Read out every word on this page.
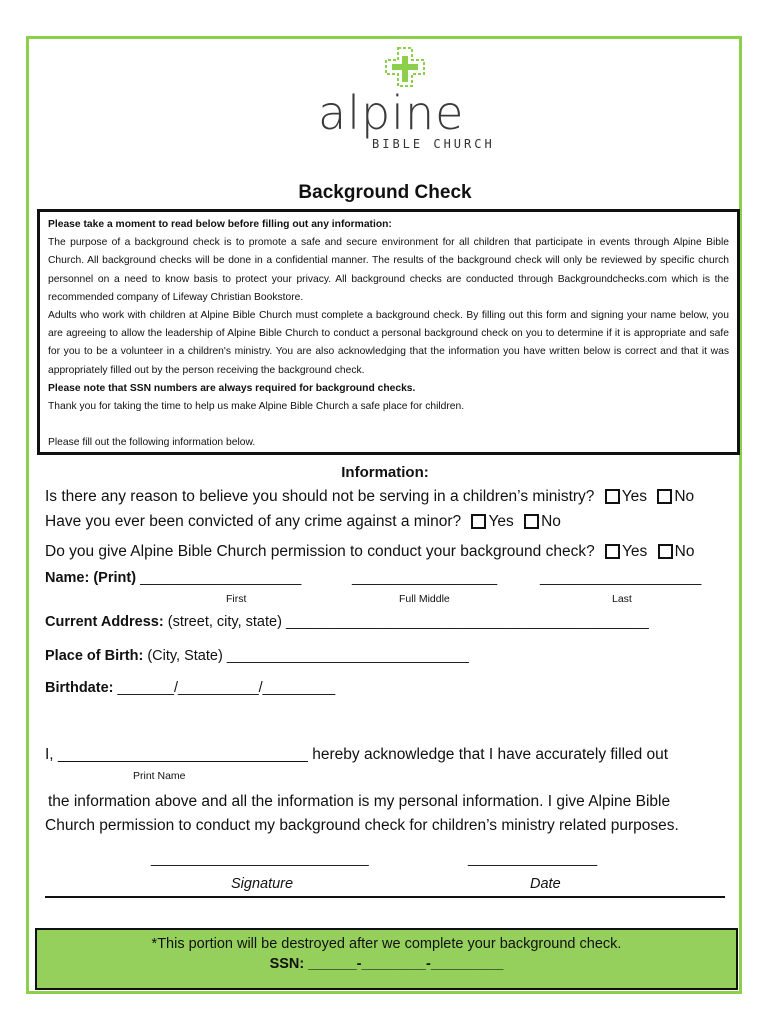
alpine
BIBLE CHURCH
Background Check

Please take a moment to read below before filling out any information:

The purpose of a background check is to promote a safe and secure environment for all children that participate in events through Alpine Bible Church. All background checks will be done in a confidential manner. The results of the background check will only be reviewed by specific church personnel on a need to know basis to protect your privacy. All background checks are conducted through Backgroundchecks.com which is the recommended company of Lifeway Christian Bookstore.

Adults who work with children at Alpine Bible Church must complete a background check. By filling out this form and signing your name below, you are agreeing to allow the leadership of Alpine Bible Church to conduct a personal background check on you to determine if it is appropriate and safe for you to be a volunteer in a children's ministry. You are also acknowledging that the information you have written below is correct and that it was appropriately filled out by the person receiving the background check.

Please note that SSN numbers are always required for background checks.

Thank you for taking the time to help us make Alpine Bible Church a safe place for children.

Please fill out the following information below.

Information:
Is there any reason to believe you should not be serving in a children’s ministry? Yes No
Have you ever been convicted of any crime against a minor? Yes No
Do you give Alpine Bible Church permission to conduct your background check? Yes No
Name: (Print) ____________________	__________________	____________________
First	Full Middle	Last
Current Address: (street, city, state) _____________________________________________
Place of Birth: (City, State) ______________________________
Birthdate: _______/__________/_________
I, _____________________________ hereby acknowledge that I have accurately filled out
Print Name
the information above and all the information is my personal information. I give Alpine Bible
Church permission to conduct my background check for children’s ministry related purposes.
___________________________	________________
Signature	Date
*This portion will be destroyed after we complete your background check.
SSN: ______-________-_________
